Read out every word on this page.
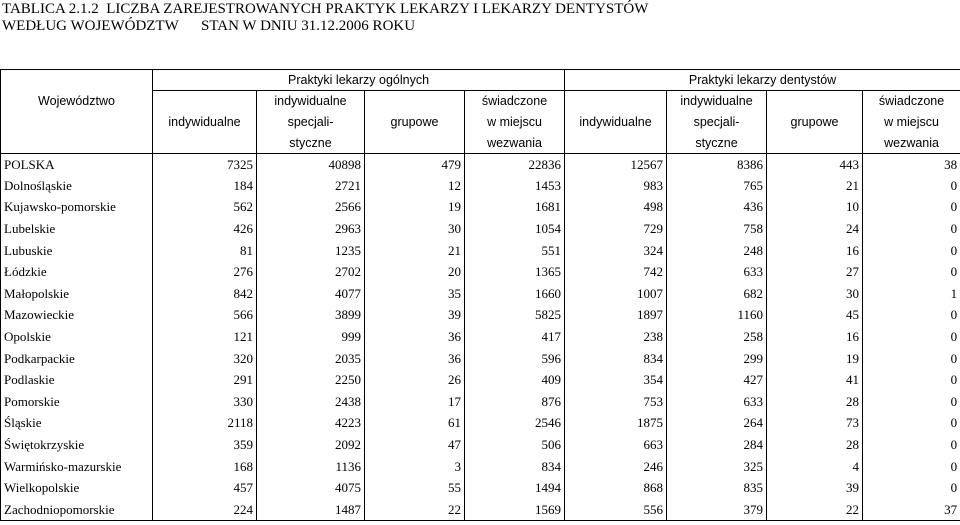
TABLICA 2.1.2  LICZBA ZAREJESTROWANYCH PRAKTYK LEKARZY I LEKARZY DENTYSTÓW
WEDŁUG WOJEWÓDZTW      STAN W DNIU 31.12.2006 ROKU
	Praktyki lekarzy ogólnych				Praktyki lekarzy dentystów			
Województwo		indywidualne		świadczone		indywidualne		świadczone
	indywidualne	specjali-	grupowe	w miejscu	indywidualne	specjali-	grupowe	w miejscu
		styczne		wezwania		styczne		wezwania
POLSKA	7325	40898	479	22836	12567	8386	443	38
Dolnośląskie	184	2721	12	1453	983	765	21	0
Kujawsko-pomorskie	562	2566	19	1681	498	436	10	0
Lubelskie	426	2963	30	1054	729	758	24	0
Lubuskie	81	1235	21	551	324	248	16	0
Łódzkie	276	2702	20	1365	742	633	27	0
Małopolskie	842	4077	35	1660	1007	682	30	1
Mazowieckie	566	3899	39	5825	1897	1160	45	0
Opolskie	121	999	36	417	238	258	16	0
Podkarpackie	320	2035	36	596	834	299	19	0
Podlaskie	291	2250	26	409	354	427	41	0
Pomorskie	330	2438	17	876	753	633	28	0
Śląskie	2118	4223	61	2546	1875	264	73	0
Świętokrzyskie	359	2092	47	506	663	284	28	0
Warmińsko-mazurskie	168	1136	3	834	246	325	4	0
Wielkopolskie	457	4075	55	1494	868	835	39	0
Zachodniopomorskie	224	1487	22	1569	556	379	22	37
